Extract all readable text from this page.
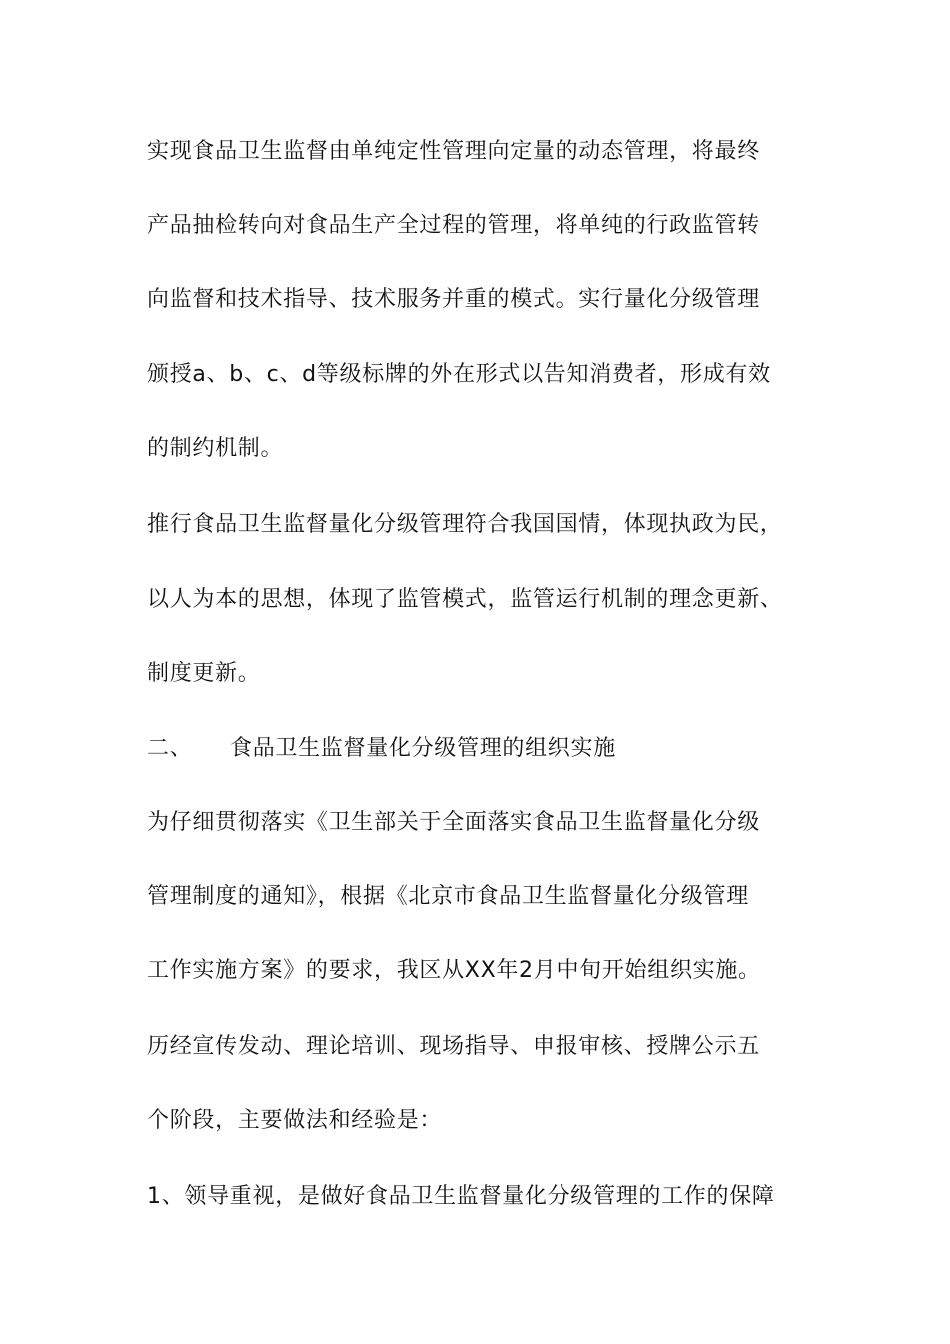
实现食品卫生监督由单纯定性管理向定量的动态管理，将最终
产品抽检转向对食品生产全过程的管理，将单纯的行政监管转
向监督和技术指导、技术服务并重的模式。实行量化分级管理
颁授a、b、c、d等级标牌的外在形式以告知消费者，形成有效
的制约机制。
推行食品卫生监督量化分级管理符合我国国情，体现执政为民，
以人为本的思想，体现了监管模式，监管运行机制的理念更新、
制度更新。
二、 食品卫生监督量化分级管理的组织实施
为仔细贯彻落实《卫生部关于全面落实食品卫生监督量化分级
管理制度的通知》，根据《北京市食品卫生监督量化分级管理
工作实施方案》的要求，我区从XX年2月中旬开始组织实施。
历经宣传发动、理论培训、现场指导、申报审核、授牌公示五
个阶段，主要做法和经验是：
1、领导重视，是做好食品卫生监督量化分级管理的工作的保障
